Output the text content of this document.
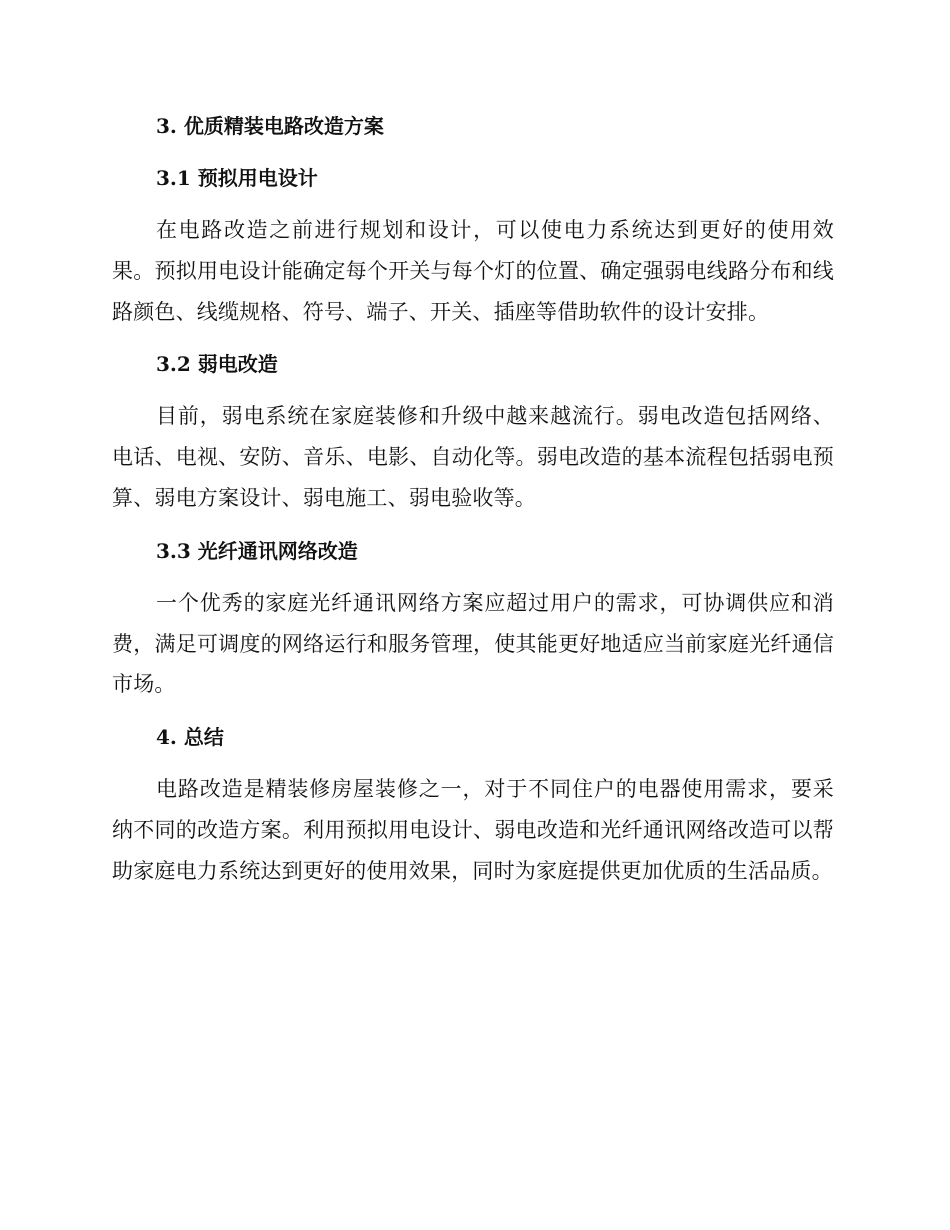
3. 优质精装电路改造方案
3.1 预拟用电设计

在电路改造之前进行规划和设计，可以使电力系统达到更好的使用效果。预拟用电设计能确定每个开关与每个灯的位置、确定强弱电线路分布和线路颜色、线缆规格、符号、端子、开关、插座等借助软件的设计安排。

3.2 弱电改造

目前，弱电系统在家庭装修和升级中越来越流行。弱电改造包括网络、电话、电视、安防、音乐、电影、自动化等。弱电改造的基本流程包括弱电预算、弱电方案设计、弱电施工、弱电验收等。

3.3 光纤通讯网络改造

一个优秀的家庭光纤通讯网络方案应超过用户的需求，可协调供应和消费，满足可调度的网络运行和服务管理，使其能更好地适应当前家庭光纤通信市场。

4. 总结

电路改造是精装修房屋装修之一，对于不同住户的电器使用需求，要采纳不同的改造方案。利用预拟用电设计、弱电改造和光纤通讯网络改造可以帮助家庭电力系统达到更好的使用效果，同时为家庭提供更加优质的生活品质。
